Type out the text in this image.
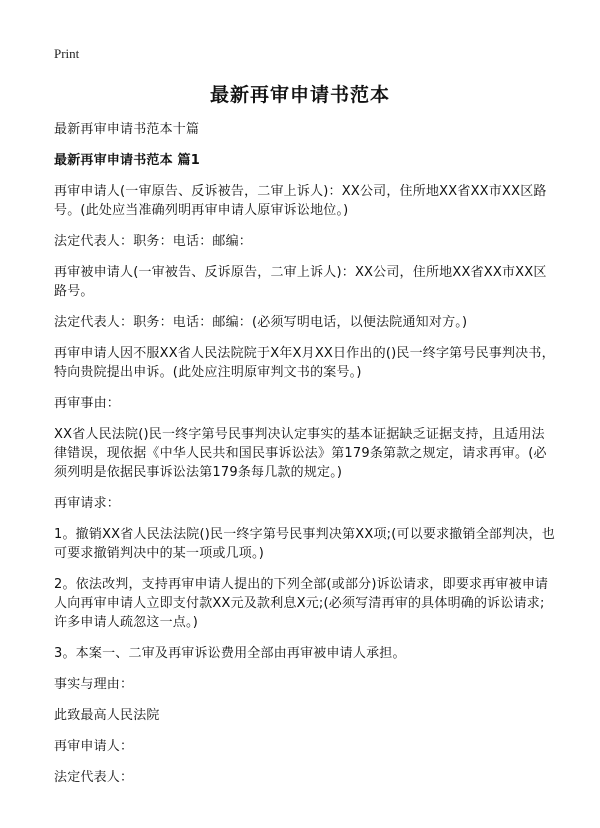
Print
最新再审申请书范本

最新再审申请书范本十篇

最新再审申请书范本 篇1

再审申请人(一审原告、反诉被告，二审上诉人)：XX公司，住所地XX省XX市XX区路号。(此处应当准确列明再审申请人原审诉讼地位。)

法定代表人：职务：电话：邮编：

再审被申请人(一审被告、反诉原告，二审上诉人)：XX公司，住所地XX省XX市XX区路号。

法定代表人：职务：电话：邮编：(必须写明电话，以便法院通知对方。)

再审申请人因不服XX省人民法院院于X年X月XX日作出的()民一终字第号民事判决书，特向贵院提出申诉。(此处应注明原审判文书的案号。)

再审事由：

XX省人民法院()民一终字第号民事判决认定事实的基本证据缺乏证据支持，且适用法律错误，现依据《中华人民共和国民事诉讼法》第179条第款之规定，请求再审。(必须列明是依据民事诉讼法第179条每几款的规定。)

再审请求：

1。撤销XX省人民法法院()民一终字第号民事判决第XX项;(可以要求撤销全部判决，也可要求撤销判决中的某一项或几项。)

2。依法改判，支持再审申请人提出的下列全部(或部分)诉讼请求，即要求再审被申请人向再审申请人立即支付款XX元及款利息X元;(必须写清再审的具体明确的诉讼请求;许多申请人疏忽这一点。)

3。本案一、二审及再审诉讼费用全部由再审被申请人承担。

事实与理由：

此致最高人民法院

再审申请人：

法定代表人：
